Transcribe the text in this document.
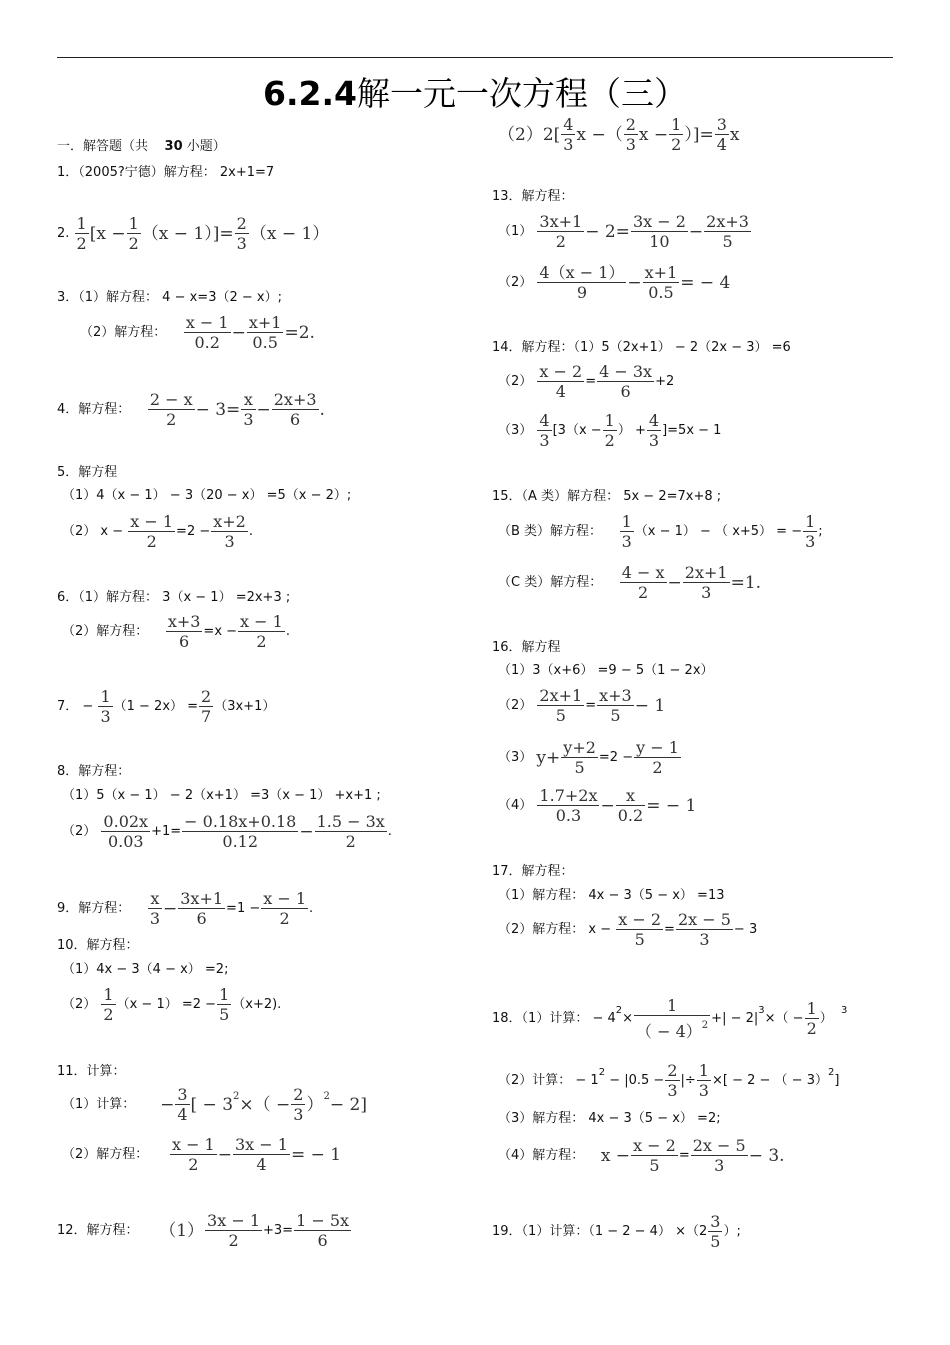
6.2.4解一元一次方程（三）
一．解答题（共 30 小题）
1．（2005?宁德）解方程： 2x+1=7
2. $\frac{1}{2} [x - \frac{1}{2} (x - 1)]= \frac{2}{3} (x - 1)$
3．（1）解方程： 4 − x=3（2 − x）;
（2）解方程： $\frac{x - 1}{0.2} - \frac{x+1}{0.5} =2$.
4．解方程： $\frac{2 - x}{2} - 3= \frac{x}{3} - \frac{2x+3}{6}$ .
5．解方程
（1）4（x − 1） − 3（20 − x） =5（x − 2）;
（2） $x - \frac{x - 1}{2} =2 - \frac{x+2}{3}$ .
6．（1）解方程： 3（x − 1） =2x+3 ;
（2）解方程： $\frac{x+3}{6} =x - \frac{x - 1}{2}$ .
7． − $\frac{1}{3} (1 - 2x) = \frac{2}{7} (3x+1)$
8．解方程：
（1）5（x − 1） − 2（x+1） =3（x − 1） +x+1 ;
$(2) \frac{0.02x}{0.03} +1= \frac{- 0.18x+0.18}{0.12} - \frac{1.5 - 3x}{2}$ .
9．解方程： $\frac{x}{3} - \frac{3x+1}{6} =1 - \frac{x - 1}{2}$ .
10．解方程：
（1）4x − 3（4 − x） =2;
$(2) \frac{1}{2} (x - 1) =2 - \frac{1}{5} (x+2)$.
11．计算：
（1）计算： − $\frac{3}{4}$ [ − $32\times( - \frac{2}{3} )2- 2$]
（2）解方程： $\frac{x - 1}{2} - \frac{3x - 1}{4}$ = − 1
12．解方程： $(1) \frac{3x - 1}{2} +3= \frac{1 - 5x}{6}$
$(2)2[ \frac{4}{3}$ x −（ $\frac{2}{3}$ $x - \frac{1}{2}$ ）]= $\frac{3}{4}$ x
13．解方程：
$(1) \frac{3x+1}{2} - 2= \frac{3x - 2}{10} - \frac{2x+3}{5}$
$(2) \frac{4(x - 1)}{9} - \frac{x+1}{0.5}$ = − 4
14．解方程：（1）5（2x+1） − 2（2x − 3） =6
$(2) \frac{x - 2}{4} = \frac{4 - 3x}{6} +2$
$(3) \frac{4}{3} [3(x - \frac{1}{2}$ ） + $\frac{4}{3} ]=5x - 1$
15．（A 类）解方程： 5x − 2=7x+8 ;
（B 类）解方程： $\frac{1}{3} (x - 1)$ − （ x+5） = − $\frac{1}{3}$ ;
（C 类）解方程： $\frac{4 - x}{2} - \frac{2x+1}{3} =1$.
16．解方程
（1）3（x+6） =9 − 5（1 − 2x）
$(2) \frac{2x+1}{5} = \frac{x+3}{5} - 1$
（3） $y+ \frac{y+2}{5} =2 - \frac{y - 1}{2}$
$(4) \frac{1.7+2x}{0.3} - \frac{x}{0.2}$ = − 1
17．解方程：
（1）解方程： 4x − 3（5 − x） =13
（2）解方程： $x - \frac{x - 2}{5} = \frac{2x - 5}{3} - 3$
18．（1）计算： − $4^2\times \frac{1}{( - 4)^2}$ +| − $2|^3\times( - \frac{1}{2}$ ）  $^3$
（2）计算： − $1^2 - |0.5 - \frac{2}{3}$ |÷ $\frac{1}{3}$ ×[ − 2 − （ − 3）$^2$]
（3）解方程： 4x − 3（5 − x） =2;
（4）解方程： $x - \frac{x - 2}{5} = \frac{2x - 5}{3} - 3$.
19．（1）计算：$(1 - 2 - 4) \times(2 \frac{3}{5}$ ）;
